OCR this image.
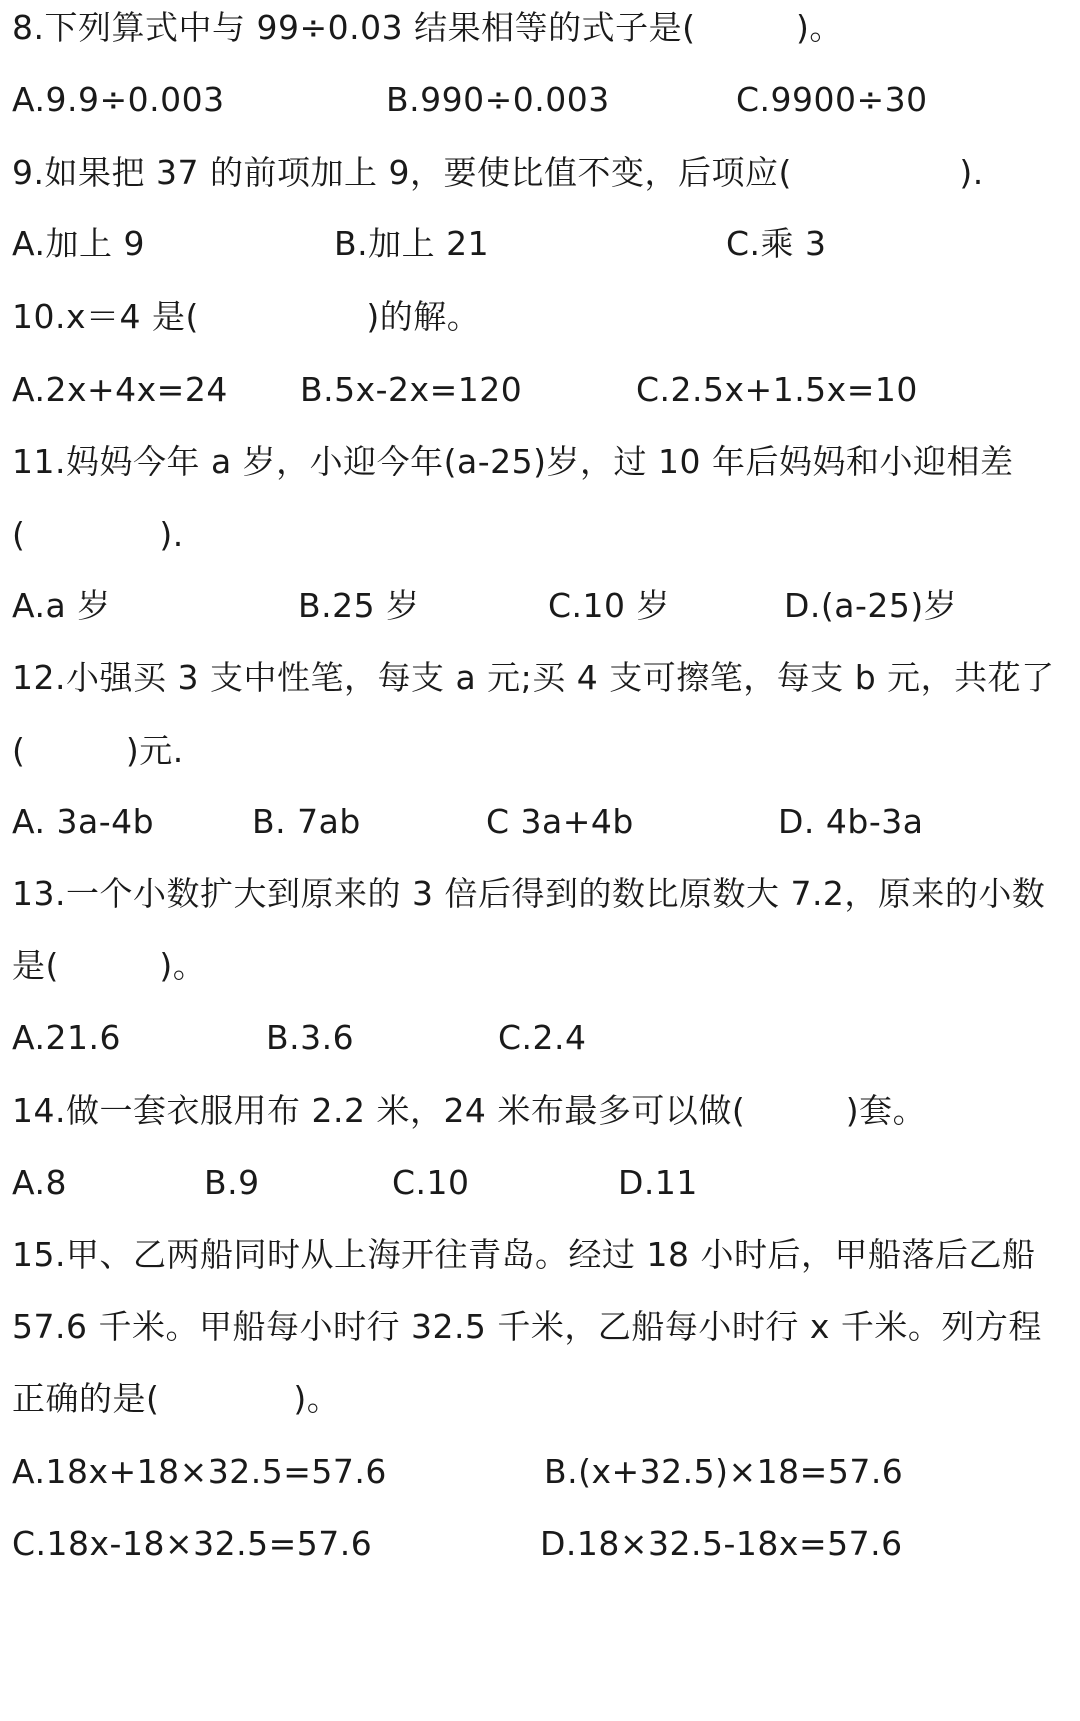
8.下列算式中与 99÷0.03 结果相等的式子是(　　　)。
A.9.9÷0.003	B.990÷0.003	C.9900÷30
9.如果把 37 的前项加上 9，要使比值不变，后项应(　　　　　).
A.加上 9	B.加上 21	C.乘 3
10.x＝4 是(　　　　　)的解。
A.2x+4x=24 B.5x-2x=120	C.2.5x+1.5x=10
11.妈妈今年 a 岁，小迎今年(a-25)岁，过 10 年后妈妈和小迎相差
(　　　　).
A.a 岁	B.25 岁	C.10 岁	D.(a-25)岁
12.小强买 3 支中性笔，每支 a 元;买 4 支可擦笔，每支 b 元，共花了
(　　　)元.
A. 3a-4b	B. 7ab	C 3a+4b	D. 4b-3a
13.一个小数扩大到原来的 3 倍后得到的数比原数大 7.2，原来的小数
是(　　　)。
A.21.6	B.3.6	C.2.4
14.做一套衣服用布 2.2 米，24 米布最多可以做(　　　)套。
A.8	B.9	C.10	D.11
15.甲、乙两船同时从上海开往青岛。经过 18 小时后，甲船落后乙船
57.6 千米。甲船每小时行 32.5 千米，乙船每小时行 x 千米。列方程
正确的是(　　　　)。
A.18x+18×32.5=57.6	B.(x+32.5)×18=57.6
C.18x-18×32.5=57.6	D.18×32.5-18x=57.6
